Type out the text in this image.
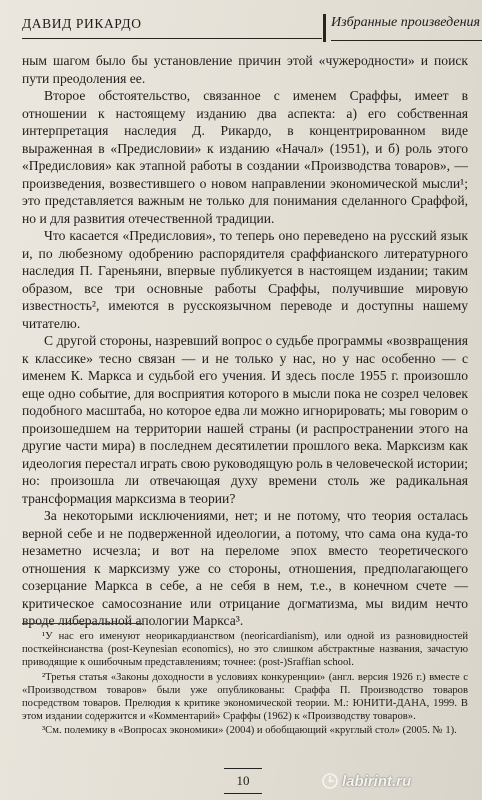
ДАВИД РИКАРДО	Избранные произведения

ным шагом было бы установление причин этой «чужеродности» и поиск пути преодоления ее.

Второе обстоятельство, связанное с именем Сраффы, имеет в отношении к настоящему изданию два аспекта: а) его собственная интерпретация наследия Д. Рикардо, в концентрированном виде выраженная в «Предисловии» к изданию «Начал» (1951), и б) роль этого «Предисловия» как этапной работы в создании «Производства товаров», — произведения, возвестившего о новом направлении экономической мысли¹; это представляется важным не только для понимания сделанного Сраффой, но и для развития отечественной традиции.

Что касается «Предисловия», то теперь оно переведено на русский язык и, по любезному одобрению распорядителя сраффианского литературного наследия П. Гареньяни, впервые публикуется в настоящем издании; таким образом, все три основные работы Сраффы, получившие мировую известность², имеются в русскоязычном переводе и доступны нашему читателю.

С другой стороны, назревший вопрос о судьбе программы «возвращения к классике» тесно связан — и не только у нас, но у нас особенно — с именем К. Маркса и судьбой его учения. И здесь после 1955 г. произошло еще одно событие, для восприятия которого в мысли пока не созрел человек подобного масштаба, но которое едва ли можно игнорировать; мы говорим о произошедшем на территории нашей страны (и распространении этого на другие части мира) в последнем десятилетии прошлого века. Марксизм как идеология перестал играть свою руководящую роль в человеческой истории; но: произошла ли отвечающая духу времени столь же радикальная трансформация марксизма в теории?

За некоторыми исключениями, нет; и не потому, что теория осталась верной себе и не подверженной идеологии, а потому, что сама она куда-то незаметно исчезла; и вот на переломе эпох вместо теоретического отношения к марксизму уже со стороны, отношения, предполагающего созерцание Маркса в себе, а не себя в нем, т.е., в конечном счете — критическое самосознание или отрицание догматизма, мы видим нечто вроде либеральной апологии Маркса³.

¹У нас его именуют неорикардианством (neoricardianism), или одной из разновидностей посткейнсианства (post-Keynesian economics), но это слишком абстрактные названия, зачастую приводящие к ошибочным представлениям; точнее: (post-)Sraffian school.

²Третья статья «Законы доходности в условиях конкуренции» (англ. версия 1926 г.) вместе с «Производством товаров» были уже опубликованы: Сраффа П. Производство товаров посредством товаров. Прелюдия к критике экономической теории. М.: ЮНИТИ-ДАНА, 1999. В этом издании содержится и «Комментарий» Сраффы (1962) к «Производству товаров».

³См. полемику в «Вопросах экономики» (2004) и обобщающий «круглый стол» (2005. № 1).

10	labirint.ru
